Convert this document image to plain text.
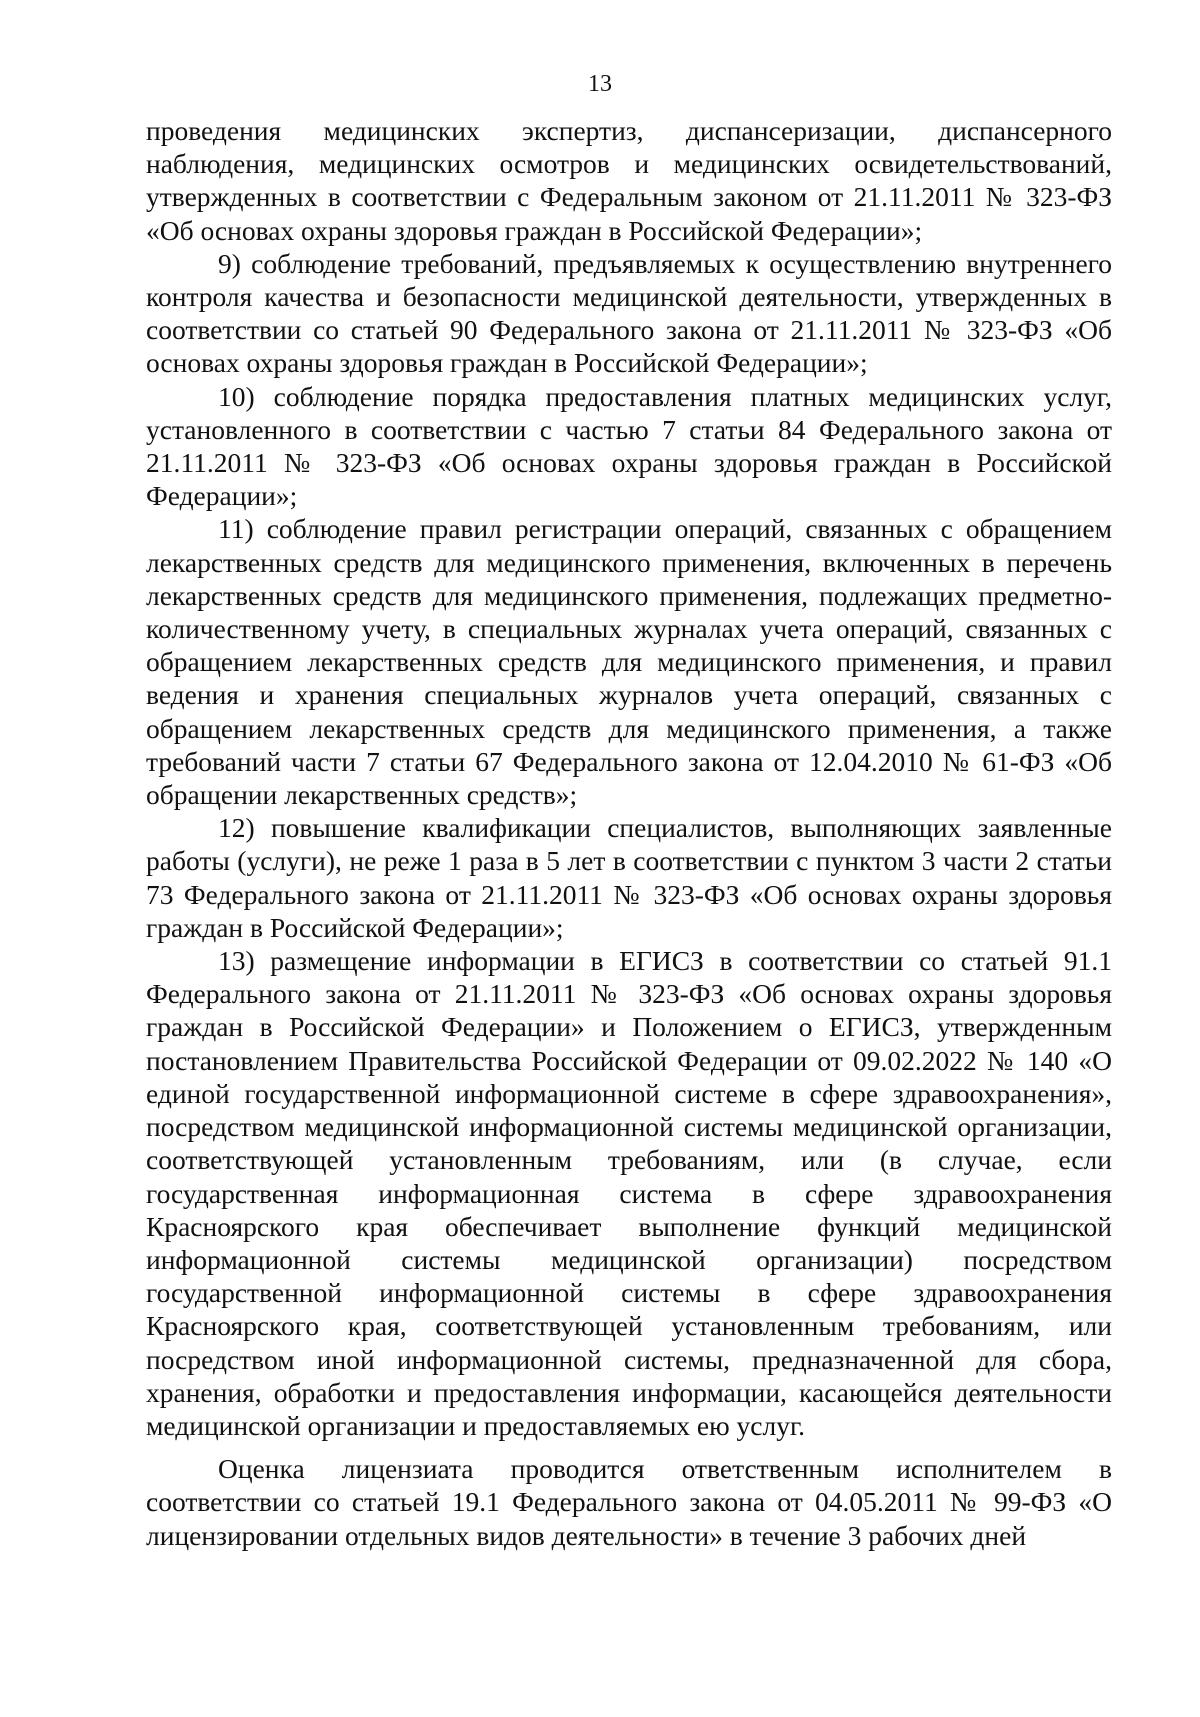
13

проведения медицинских экспертиз, диспансеризации, диспансерного наблюдения, медицинских осмотров и медицинских освидетельствований, утвержденных в соответствии с Федеральным законом от 21.11.2011 № 323-ФЗ «Об основах охраны здоровья граждан в Российской Федерации»;

9) соблюдение требований, предъявляемых к осуществлению внутреннего контроля качества и безопасности медицинской деятельности, утвержденных в соответствии со статьей 90 Федерального закона от 21.11.2011 № 323-ФЗ «Об основах охраны здоровья граждан в Российской Федерации»;

10) соблюдение порядка предоставления платных медицинских услуг, установленного в соответствии с частью 7 статьи 84 Федерального закона от 21.11.2011 № 323-ФЗ «Об основах охраны здоровья граждан в Российской Федерации»;

11) соблюдение правил регистрации операций, связанных с обращением лекарственных средств для медицинского применения, включенных в перечень лекарственных средств для медицинского применения, подлежащих предметно-количественному учету, в специальных журналах учета операций, связанных с обращением лекарственных средств для медицинского применения, и правил ведения и хранения специальных журналов учета операций, связанных с обращением лекарственных средств для медицинского применения, а также требований части 7 статьи 67 Федерального закона от 12.04.2010 № 61-ФЗ «Об обращении лекарственных средств»;

12) повышение квалификации специалистов, выполняющих заявленные работы (услуги), не реже 1 раза в 5 лет в соответствии с пунктом 3 части 2 статьи 73 Федерального закона от 21.11.2011 № 323-ФЗ «Об основах охраны здоровья граждан в Российской Федерации»;

13) размещение информации в ЕГИСЗ в соответствии со статьей 91.1 Федерального закона от 21.11.2011 № 323-ФЗ «Об основах охраны здоровья граждан в Российской Федерации» и Положением о ЕГИСЗ, утвержденным постановлением Правительства Российской Федерации от 09.02.2022 № 140 «О единой государственной информационной системе в сфере здравоохранения», посредством медицинской информационной системы медицинской организации, соответствующей установленным требованиям, или (в случае, если государственная информационная система в сфере здравоохранения Красноярского края обеспечивает выполнение функций медицинской информационной системы медицинской организации) посредством государственной информационной системы в сфере здравоохранения Красноярского края, соответствующей установленным требованиям, или посредством иной информационной системы, предназначенной для сбора, хранения, обработки и предоставления информации, касающейся деятельности медицинской организации и предоставляемых ею услуг.

Оценка лицензиата проводится ответственным исполнителем в соответствии со статьей 19.1 Федерального закона от 04.05.2011 № 99-ФЗ «О лицензировании отдельных видов деятельности» в течение 3 рабочих дней
